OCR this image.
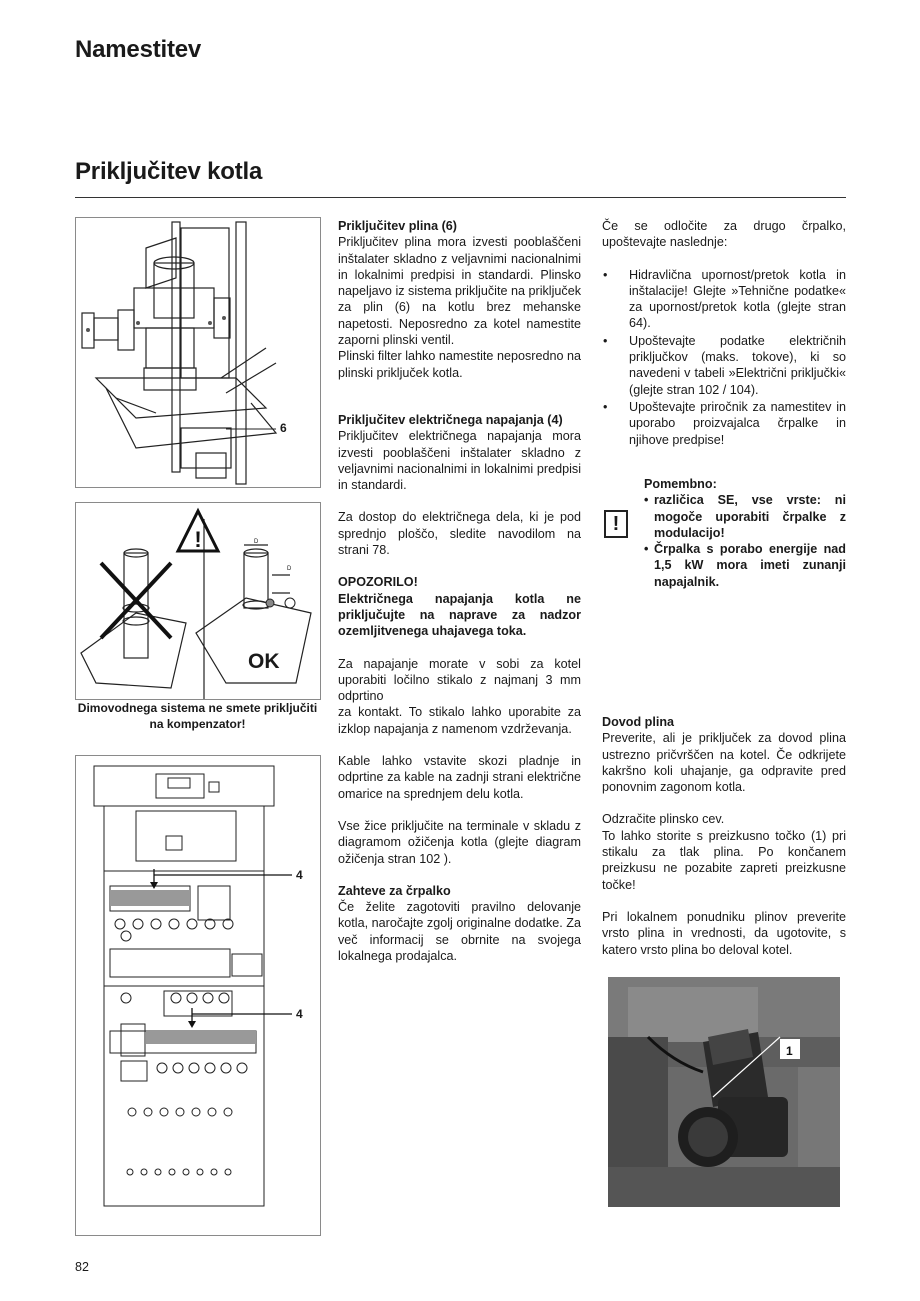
Namestitev
Priključitev kotla
6
!	D
D
OK
Dimovodnega sistema ne smete priključiti na kompenzator!
4
4
Priključitev plina (6)

Priključitev plina mora izvesti pooblaščeni inštalater skladno z veljavnimi nacionalnimi in lokalnimi predpisi in standardi. Plinsko napeljavo iz sistema priključite na priključek za plin (6) na kotlu brez mehanske napetosti. Neposredno za kotel namestite zaporni plinski ventil.

Plinski filter lahko namestite neposredno na plinski priključek kotla.

Priključitev električnega napajanja (4)

Priključitev električnega napajanja mora izvesti pooblaščeni inštalater skladno z veljavnimi nacionalnimi in lokalnimi predpisi in standardi.

Za dostop do električnega dela, ki je pod sprednjo ploščo, sledite navodilom na strani 78.

OPOZORILO!

Električnega napajanja kotla ne priključujte na naprave za nadzor ozemljitvenega uhajavega toka.

Za napajanje morate v sobi za kotel uporabiti ločilno stikalo z najmanj 3 mm odprtino

za kontakt. To stikalo lahko uporabite za izklop napajanja z namenom vzdrževanja.

Kable lahko vstavite skozi pladnje in odprtine za kable na zadnji strani električne omarice na sprednjem delu kotla.

Vse žice priključite na terminale v skladu z diagramom ožičenja kotla (glejte diagram ožičenja stran 102 ).

Zahteve za črpalko

Če želite zagotoviti pravilno delovanje kotla, naročajte zgolj originalne dodatke. Za več informacij se obrnite na svojega lokalnega prodajalca.

Če se odločite za drugo črpalko, upoštevajte naslednje:

• Hidravlična upornost/pretok kotla in inštalacije! Glejte »Tehnične podatke« za upornost/pretok kotla (glejte stran 64).
• Upoštevajte podatke električnih priključkov (maks. tokove), ki so navedeni v tabeli »Električni priključki« (glejte stran 102 / 104).
• Upoštevajte priročnik za namestitev in uporabo proizvajalca črpalke in njihove predpise!
!
Pomembno:
• različica SE, vse vrste: ni mogoče uporabiti črpalke z modulacijo!
• Črpalka s porabo energije nad 1,5 kW mora imeti zunanji napajalnik.
Dovod plina

Preverite, ali je priključek za dovod plina ustrezno pričvrščen na kotel. Če odkrijete kakršno koli uhajanje, ga odpravite pred ponovnim zagonom kotla.

Odzračite plinsko cev.

To lahko storite s preizkusno točko (1) pri stikalu za tlak plina. Po končanem preizkusu ne pozabite zapreti preizkusne točke!

Pri lokalnem ponudniku plinov preverite vrsto plina in vrednosti, da ugotovite, s katero vrsto plina bo deloval kotel.

1
82
